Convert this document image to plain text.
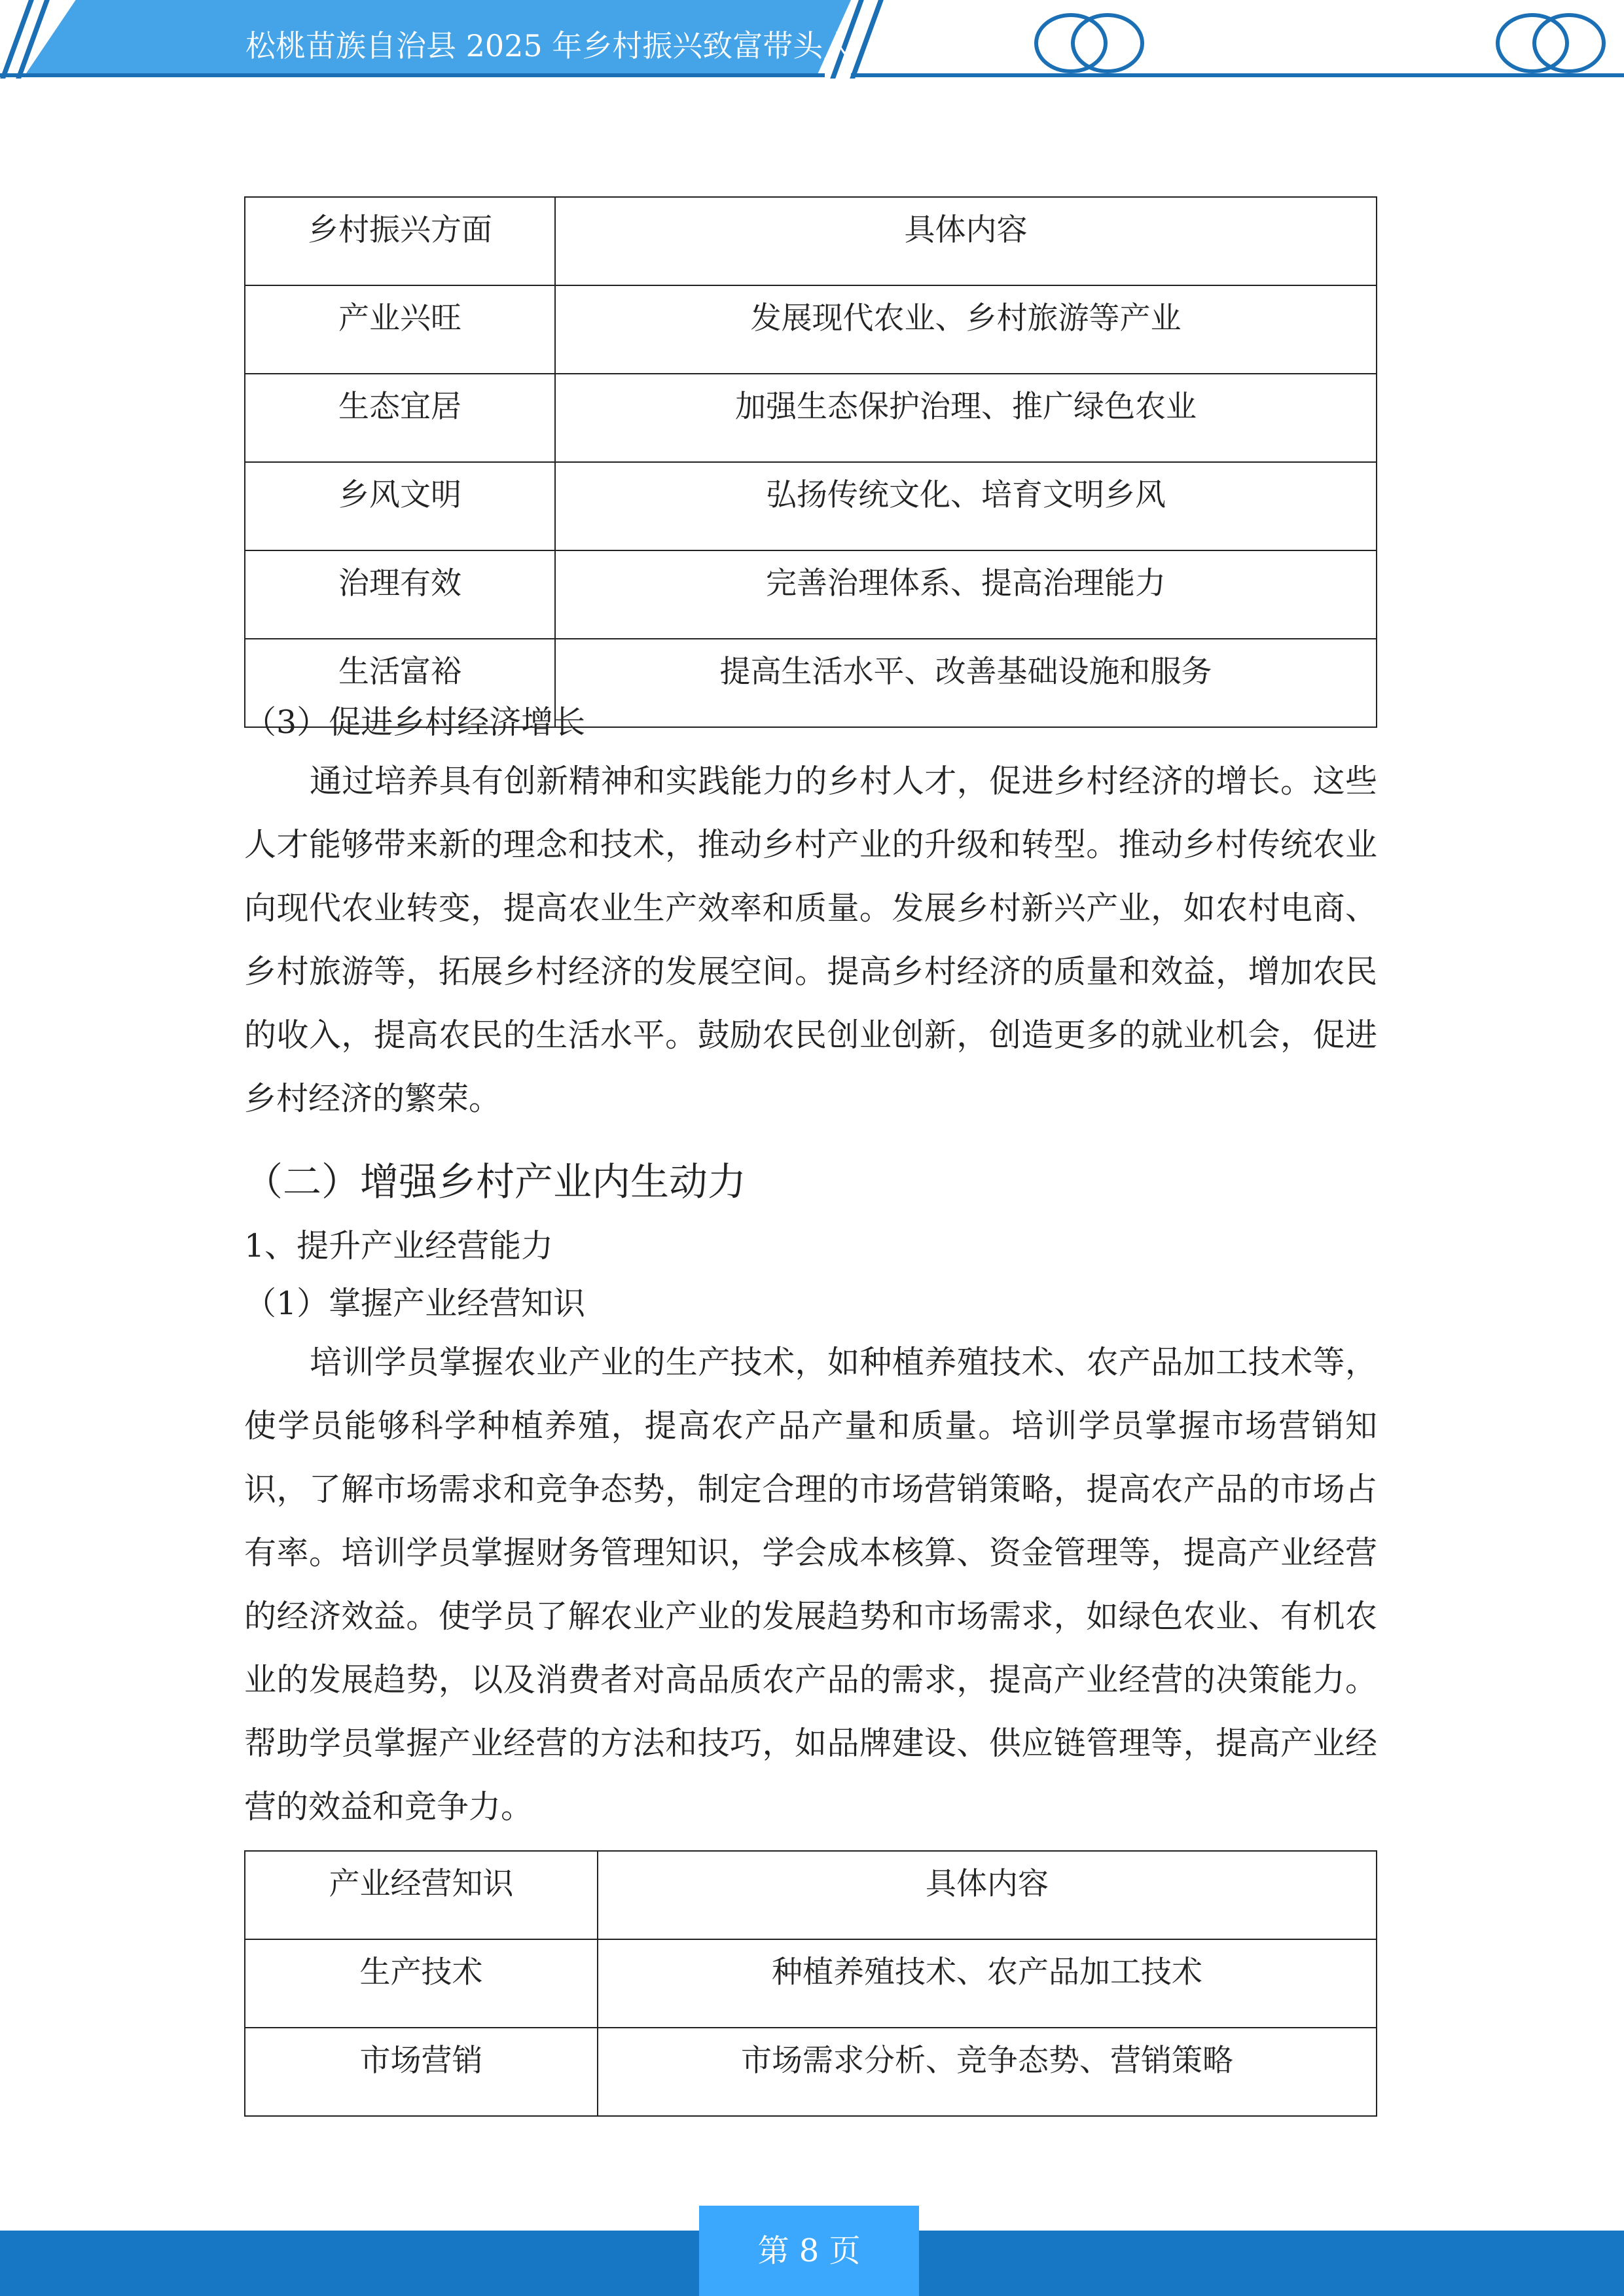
松桃苗族自治县 2025 年乡村振兴致富带头人
乡村振兴方面	具体内容
产业兴旺	发展现代农业、乡村旅游等产业
生态宜居	加强生态保护治理、推广绿色农业
乡风文明	弘扬传统文化、培育文明乡风
治理有效	完善治理体系、提高治理能力
生活富裕	提高生活水平、改善基础设施和服务

（3）促进乡村经济增长

通过培养具有创新精神和实践能力的乡村人才，促进乡村经济的增长。这些人才能够带来新的理念和技术，推动乡村产业的升级和转型。推动乡村传统农业向现代农业转变，提高农业生产效率和质量。发展乡村新兴产业，如农村电商、乡村旅游等，拓展乡村经济的发展空间。提高乡村经济的质量和效益，增加农民的收入，提高农民的生活水平。鼓励农民创业创新，创造更多的就业机会，促进乡村经济的繁荣。

（二）增强乡村产业内生动力

1、提升产业经营能力

（1）掌握产业经营知识

培训学员掌握农业产业的生产技术，如种植养殖技术、农产品加工技术等，使学员能够科学种植养殖，提高农产品产量和质量。培训学员掌握市场营销知识，了解市场需求和竞争态势，制定合理的市场营销策略，提高农产品的市场占有率。培训学员掌握财务管理知识，学会成本核算、资金管理等，提高产业经营的经济效益。使学员了解农业产业的发展趋势和市场需求，如绿色农业、有机农业的发展趋势，以及消费者对高品质农产品的需求，提高产业经营的决策能力。帮助学员掌握产业经营的方法和技巧，如品牌建设、供应链管理等，提高产业经营的效益和竞争力。

产业经营知识	具体内容
生产技术	种植养殖技术、农产品加工技术
市场营销	市场需求分析、竞争态势、营销策略
第 8 页
